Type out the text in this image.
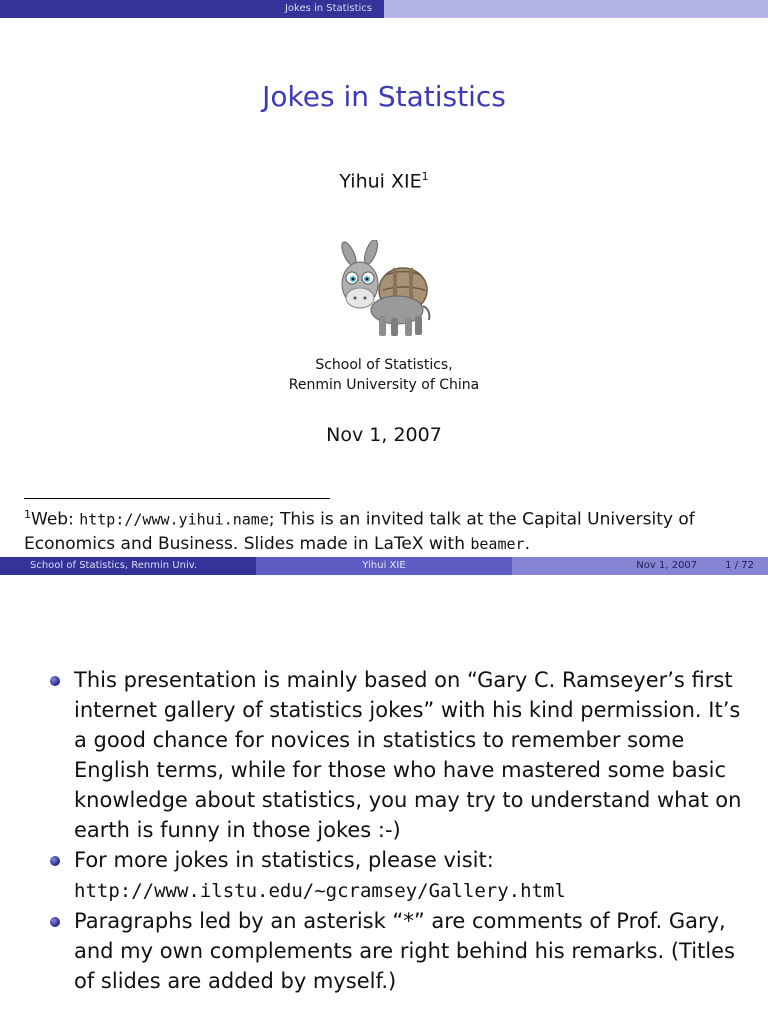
Jokes in Statistics
Jokes in Statistics
Yihui XIE$^1$
School of Statistics,
Renmin University of China
Nov 1, 2007
$^1$Web: http://www.yihui.name; This is an invited talk at the Capital University of Economics and Business. Slides made in LaTeX with beamer.
School of Statistics, Renmin Univ.	Yihui XIE	Nov 1, 2007	1 / 72
This presentation is mainly based on “Gary C. Ramseyer’s first internet gallery of statistics jokes” with his kind permission. It’s a good chance for novices in statistics to remember some English terms, while for those who have mastered some basic knowledge about statistics, you may try to understand what on earth is funny in those jokes :-)
For more jokes in statistics, please visit:
http://www.ilstu.edu/~gcramsey/Gallery.html
Paragraphs led by an asterisk “*” are comments of Prof. Gary, and my own complements are right behind his remarks. (Titles of slides are added by myself.)
